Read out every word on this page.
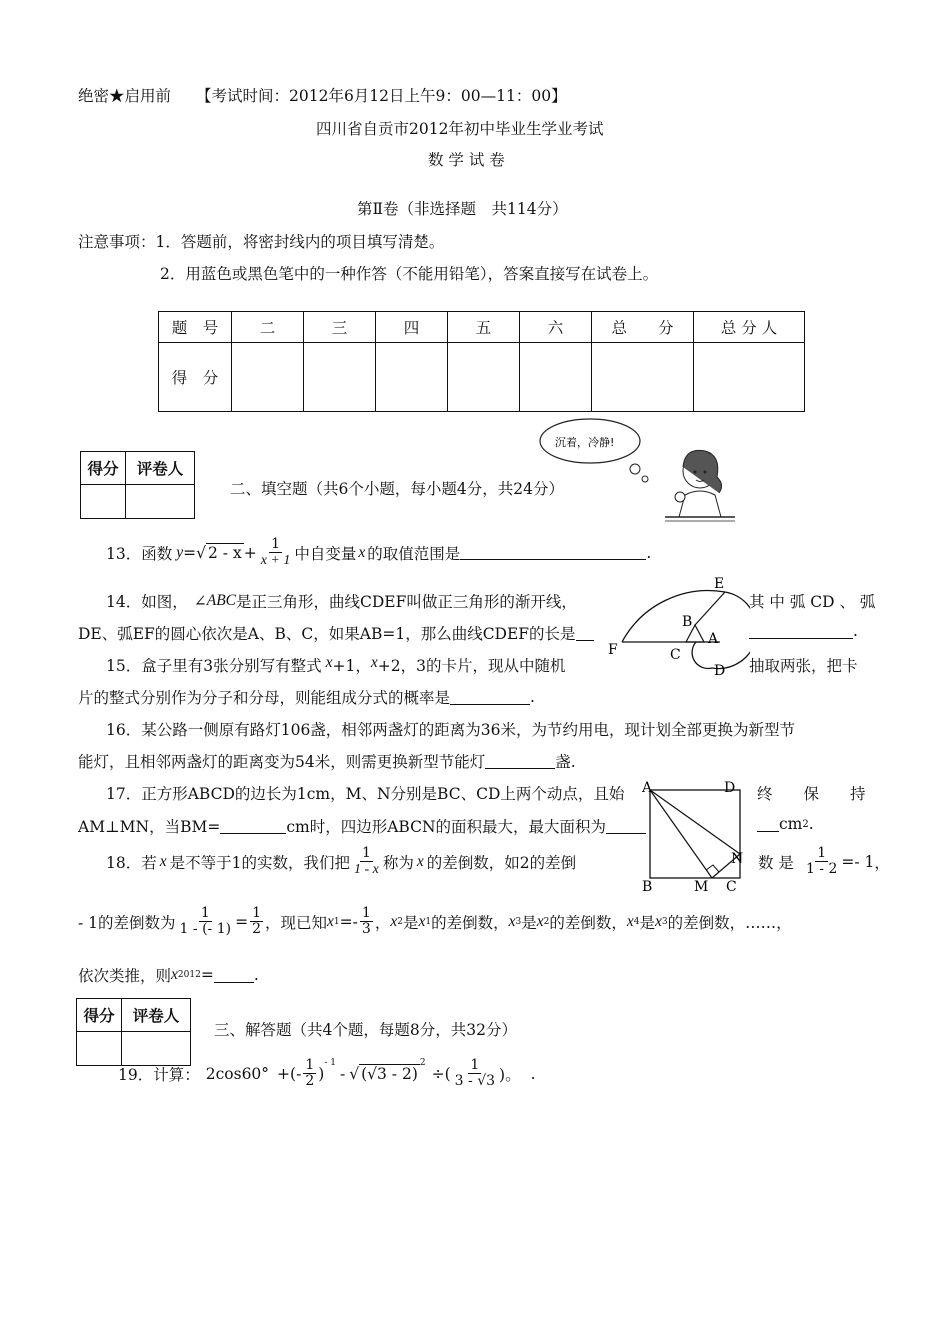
绝密★启用前 【考试时间：2012年6月12日上午9：00—11：00】
四川省自贡市2012年初中毕业生学业考试
数 学 试 卷
第Ⅱ卷（非选择题　共114分）
注意事项：1．答题前，将密封线内的项目填写清楚。
2．用蓝色或黑色笔中的一种作答（不能用铅笔），答案直接写在试卷上。
题　号	二	三	四	五	六	总　　分	总 分 人
得　分							
得分	评卷人

二、填空题（共6个小题，每小题4分，共24分）
沉着，冷静!
13．函数 y = √ $2 - x + \frac{1}{x + 1}$ 中自变量 x 的取值范围是	.
14．如图， ∠ ABC 是正三角形，曲线CDEF叫做正三角形的渐开线，	其 中 弧 CD 、 弧
DE、弧EF的圆心依次是A、B、C，如果AB=1，那么曲线CDEF的长是	.
E
B
A
F	C
D
15．盒子里有3张分别写有整式 x +1， x +2，3的卡片，现从中随机	抽取两张，把卡
片的整式分别作为分子和分母，则能组成分式的概率是	.
16．某公路一侧原有路灯106盏，相邻两盏灯的距离为36米，为节约用电，现计划全部更换为新型节
能灯，且相邻两盏灯的距离变为54米，则需更换新型节能灯	盏.
17．正方形ABCD的边长为1cm，M、N分别是BC、CD上两个动点，且始	终　　保　　持
AM⊥MN，当BM=	cm时，四边形ABCN的面积最大，最大面积为	cm 2 .
A	D
N
B	M C
18．若 x 是不等于1的实数，我们把 $\frac{1}{1 - x}$ 称为 x 的差倒数，如2的差倒	数 是 $\frac{1}{1 - 2} =- 1$ ，
- 1的差倒数为 $\frac{1}{1 - (- 1)} = \frac{1}{2}$ ，现已知 x $1 =- \frac{1}{3}$ ， x 2 是 x 1 的差倒数， x 3 是 x 2 的差倒数， x 4 是 x 3 的差倒数，……，
依次类推，则 x 2012 =	.
得分	评卷人

三、解答题（共4个题，每题8分，共32分）
19．计算： 2cos60° +(- $\frac{1}{2}$ )
$^{- 1}$
- √ (√3 - 2)
$^2$
÷( $\frac{1}{3 - √3}$ )。 .
